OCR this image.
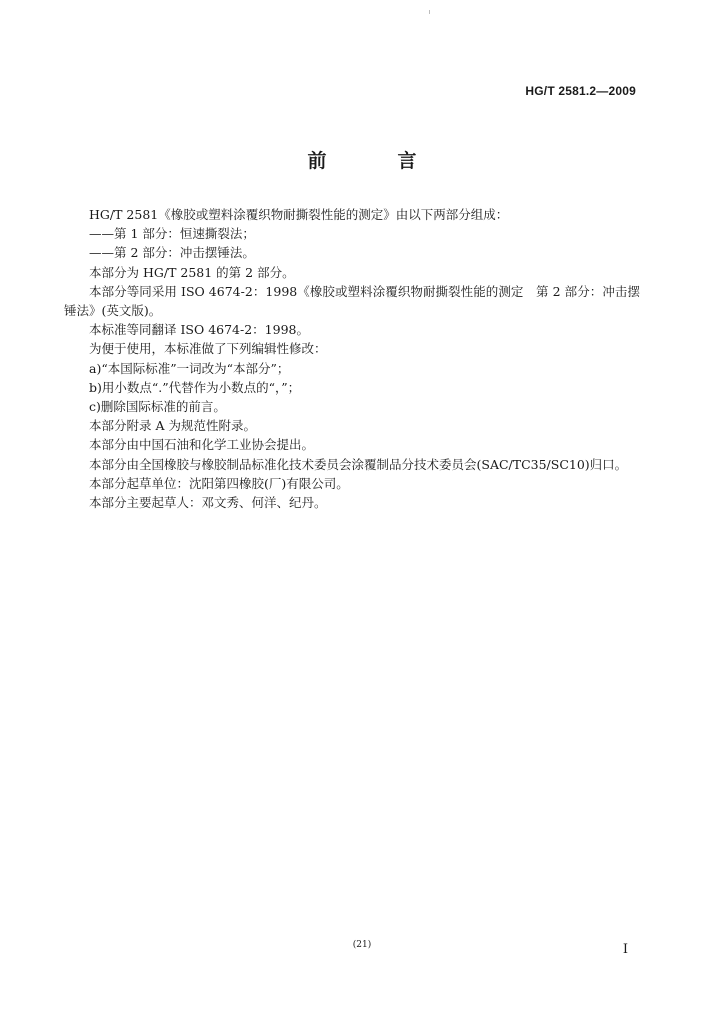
HG/T 2581.2—2009
前　言

HG/T 2581《橡胶或塑料涂覆织物耐撕裂性能的测定》由以下两部分组成：

——第 1 部分：恒速撕裂法；

——第 2 部分：冲击摆锤法。

本部分为 HG/T 2581 的第 2 部分。

本部分等同采用 ISO 4674-2：1998《橡胶或塑料涂覆织物耐撕裂性能的测定　第 2 部分：冲击摆锤法》(英文版)。

本标准等同翻译 ISO 4674-2：1998。

为便于使用，本标准做了下列编辑性修改：

a)“本国际标准”一词改为“本部分”；

b)用小数点“.”代替作为小数点的“，”；

c)删除国际标准的前言。

本部分附录 A 为规范性附录。

本部分由中国石油和化学工业协会提出。

本部分由全国橡胶与橡胶制品标准化技术委员会涂覆制品分技术委员会(SAC/TC35/SC10)归口。

本部分起草单位：沈阳第四橡胶(厂)有限公司。

本部分主要起草人：邓文秀、何洋、纪丹。

(21)	I
